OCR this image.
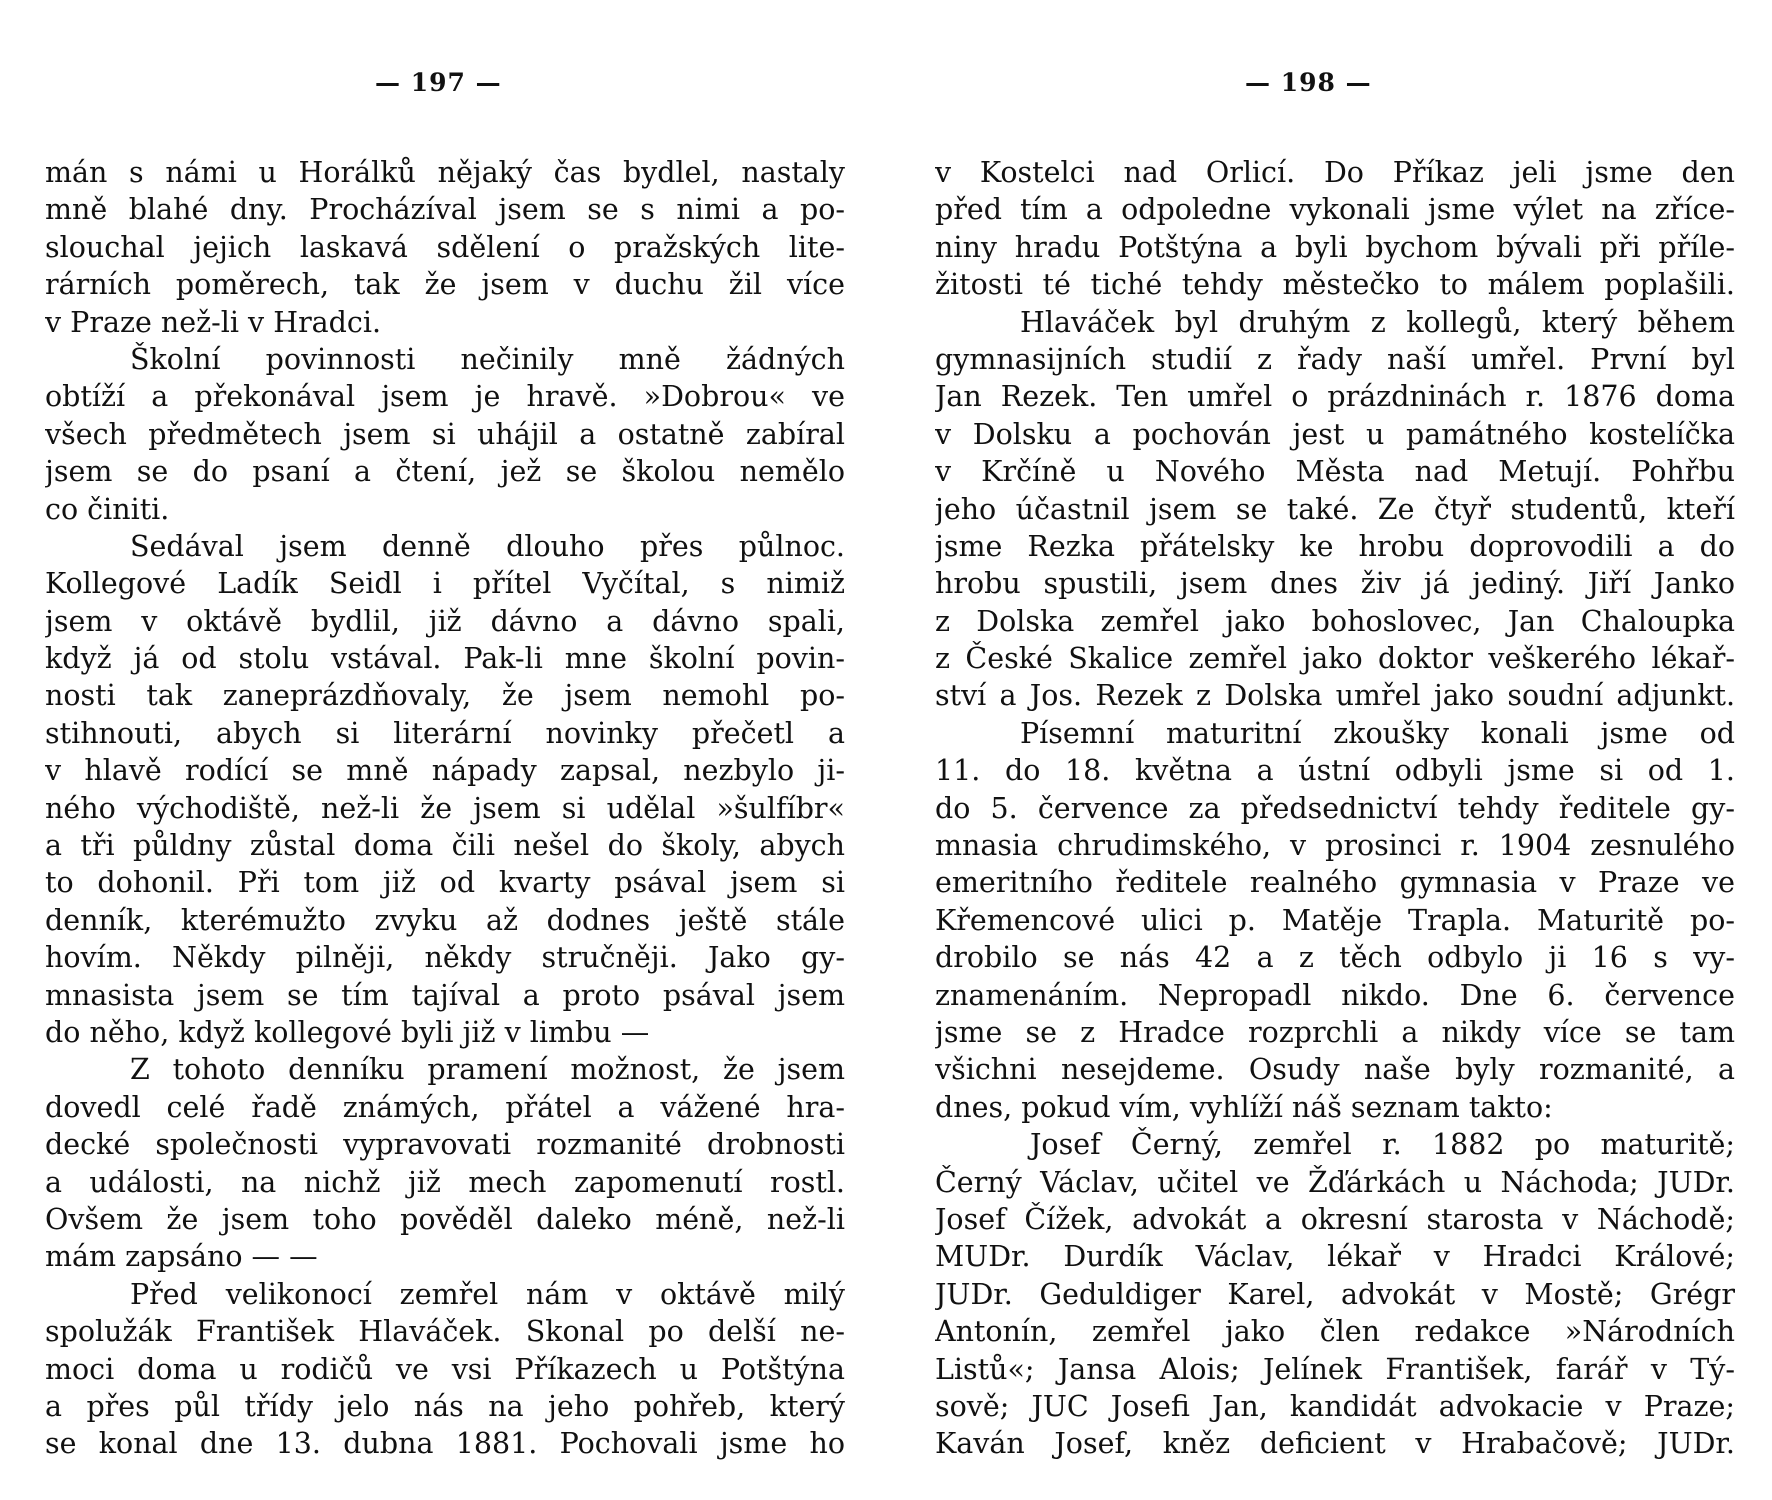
— 197 —
mán s námi u Horálků nějaký čas bydlel, nastaly
mně blahé dny. Procházíval jsem se s nimi a po-
slouchal jejich laskavá sdělení o pražských lite-
rárních poměrech, tak že jsem v duchu žil více
v Praze než-li v Hradci.
Školní povinnosti nečinily mně žádných
obtíží a překonával jsem je hravě. »Dobrou« ve
všech předmětech jsem si uhájil a ostatně zabíral
jsem se do psaní a čtení, jež se školou nemělo
co činiti.
Sedával jsem denně dlouho přes půlnoc.
Kollegové Ladík Seidl i přítel Vyčítal, s nimiž
jsem v oktávě bydlil, již dávno a dávno spali,
když já od stolu vstával. Pak-li mne školní povin-
nosti tak zaneprázdňovaly, že jsem nemohl po-
stihnouti, abych si literární novinky přečetl a
v hlavě rodící se mně nápady zapsal, nezbylo ji-
ného východiště, než-li že jsem si udělal »šulfíbr«
a tři půldny zůstal doma čili nešel do školy, abych
to dohonil. Při tom již od kvarty psával jsem si
denník, kterémužto zvyku až dodnes ještě stále
hovím. Někdy pilněji, někdy stručněji. Jako gy-
mnasista jsem se tím tajíval a proto psával jsem
do něho, když kollegové byli již v limbu —
Z tohoto denníku pramení možnost, že jsem
dovedl celé řadě známých, přátel a vážené hra-
decké společnosti vypravovati rozmanité drobnosti
a události, na nichž již mech zapomenutí rostl.
Ovšem že jsem toho pověděl daleko méně, než-li
mám zapsáno — —
Před velikonocí zemřel nám v oktávě milý
spolužák František Hlaváček. Skonal po delší ne-
moci doma u rodičů ve vsi Příkazech u Potštýna
a přes půl třídy jelo nás na jeho pohřeb, který
se konal dne 13. dubna 1881. Pochovali jsme ho
— 198 —
v Kostelci nad Orlicí. Do Příkaz jeli jsme den
před tím a odpoledne vykonali jsme výlet na zříce-
niny hradu Potštýna a byli bychom bývali při příle-
žitosti té tiché tehdy městečko to málem poplašili.
Hlaváček byl druhým z kollegů, který během
gymnasijních studií z řady naší umřel. První byl
Jan Rezek. Ten umřel o prázdninách r. 1876 doma
v Dolsku a pochován jest u památného kostelíčka
v Krčíně u Nového Města nad Metují. Pohřbu
jeho účastnil jsem se také. Ze čtyř studentů, kteří
jsme Rezka přátelsky ke hrobu doprovodili a do
hrobu spustili, jsem dnes živ já jediný. Jiří Janko
z Dolska zemřel jako bohoslovec, Jan Chaloupka
z České Skalice zemřel jako doktor veškerého lékař-
ství a Jos. Rezek z Dolska umřel jako soudní adjunkt.
Písemní maturitní zkoušky konali jsme od
11. do 18. května a ústní odbyli jsme si od 1.
do 5. července za předsednictví tehdy ředitele gy-
mnasia chrudimského, v prosinci r. 1904 zesnulého
emeritního ředitele realného gymnasia v Praze ve
Křemencové ulici p. Matěje Trapla. Maturitě po-
drobilo se nás 42 a z těch odbylo ji 16 s vy-
znamenáním. Nepropadl nikdo. Dne 6. července
jsme se z Hradce rozprchli a nikdy více se tam
všichni nesejdeme. Osudy naše byly rozmanité, a
dnes, pokud vím, vyhlíží náš seznam takto:
Josef Černý, zemřel r. 1882 po maturitě;
Černý Václav, učitel ve Žďárkách u Náchoda; JUDr.
Josef Čížek, advokát a okresní starosta v Náchodě;
MUDr. Durdík Václav, lékař v Hradci Králové;
JUDr. Geduldiger Karel, advokát v Mostě; Grégr
Antonín, zemřel jako člen redakce »Národních
Listů«; Jansa Alois; Jelínek František, farář v Tý-
sově; JUC Josefi Jan, kandidát advokacie v Praze;
Kaván Josef, kněz deficient v Hrabačově; JUDr.
